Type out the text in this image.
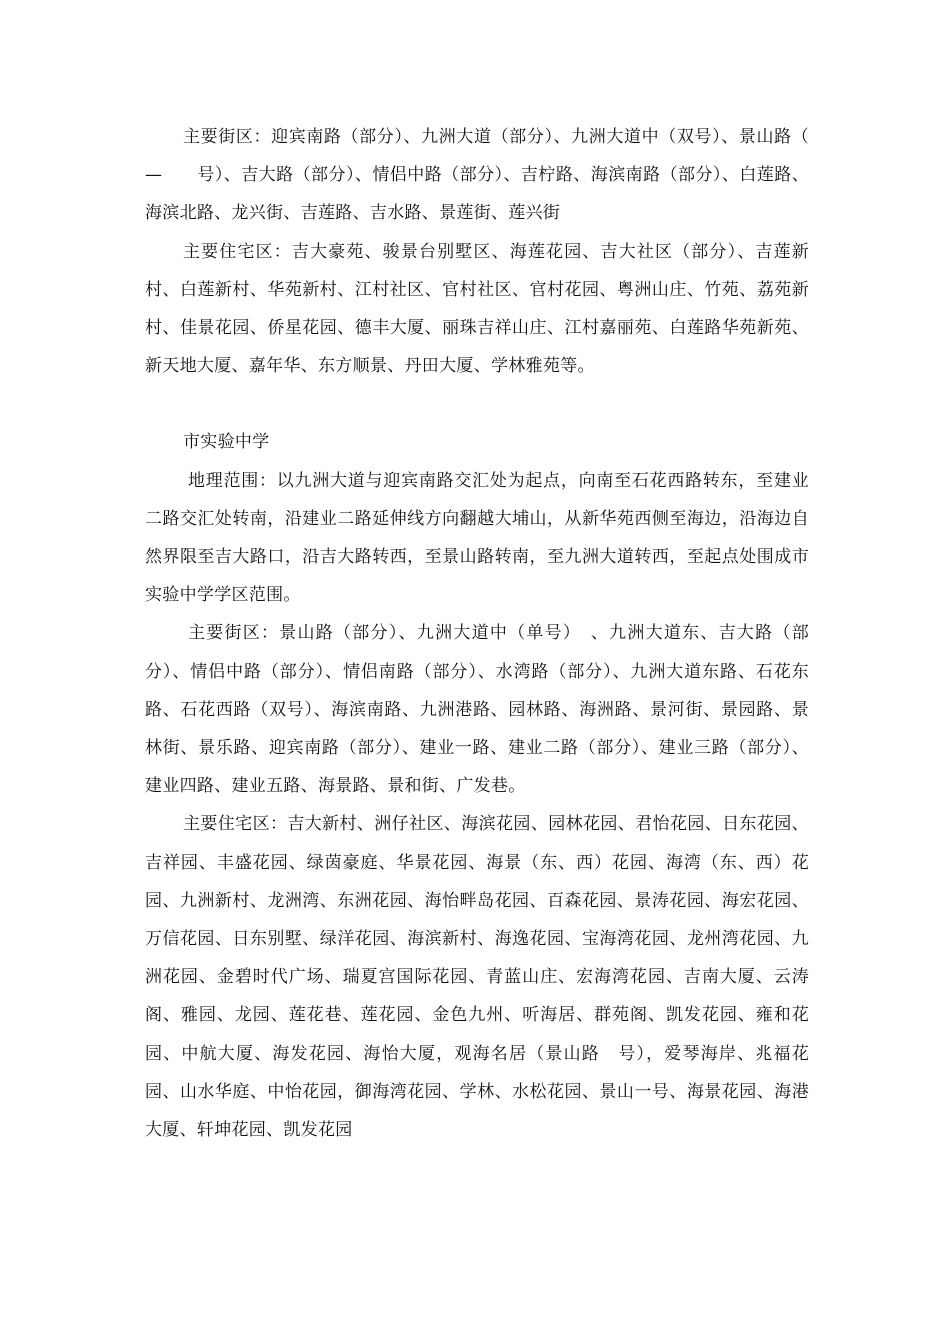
主要街区：迎宾南路（部分）、九洲大道（部分）、九洲大道中（双号）、景山路（　　—　　号）、吉大路（部分）、情侣中路（部分）、吉柠路、海滨南路（部分）、白莲路、海滨北路、龙兴街、吉莲路、吉水路、景莲街、莲兴街

主要住宅区：吉大豪苑、骏景台别墅区、海莲花园、吉大社区（部分）、吉莲新村、白莲新村、华苑新村、江村社区、官村社区、官村花园、粤洲山庄、竹苑、荔苑新村、佳景花园、侨星花园、德丰大厦、丽珠吉祥山庄、江村嘉丽苑、白莲路华苑新苑、新天地大厦、嘉年华、东方顺景、丹田大厦、学林雅苑等。

市实验中学

地理范围：以九洲大道与迎宾南路交汇处为起点，向南至石花西路转东，至建业二路交汇处转南，沿建业二路延伸线方向翻越大埔山，从新华苑西侧至海边，沿海边自然界限至吉大路口，沿吉大路转西，至景山路转南，至九洲大道转西，至起点处围成市实验中学学区范围。

主要街区：景山路（部分）、九洲大道中（单号）　、九洲大道东、吉大路（部分）、情侣中路（部分）、情侣南路（部分）、水湾路（部分）、九洲大道东路、石花东路、石花西路（双号）、海滨南路、九洲港路、园林路、海洲路、景河街、景园路、景林街、景乐路、迎宾南路（部分）、建业一路、建业二路（部分）、建业三路（部分）、建业四路、建业五路、海景路、景和街、广发巷。

主要住宅区：吉大新村、洲仔社区、海滨花园、园林花园、君怡花园、日东花园、吉祥园、丰盛花园、绿茵豪庭、华景花园、海景（东、西）花园、海湾（东、西）花园、九洲新村、龙洲湾、东洲花园、海怡畔岛花园、百森花园、景涛花园、海宏花园、万信花园、日东别墅、绿洋花园、海滨新村、海逸花园、宝海湾花园、龙州湾花园、九洲花园、金碧时代广场、瑞夏宫国际花园、青蓝山庄、宏海湾花园、吉南大厦、云涛阁、雅园、龙园、莲花巷、莲花园、金色九州、听海居、群苑阁、凯发花园、雍和花园、中航大厦、海发花园、海怡大厦，观海名居（景山路　号），爱琴海岸、兆福花园、山水华庭、中怡花园，御海湾花园、学林、水松花园、景山一号、海景花园、海港大厦、轩坤花园、凯发花园
